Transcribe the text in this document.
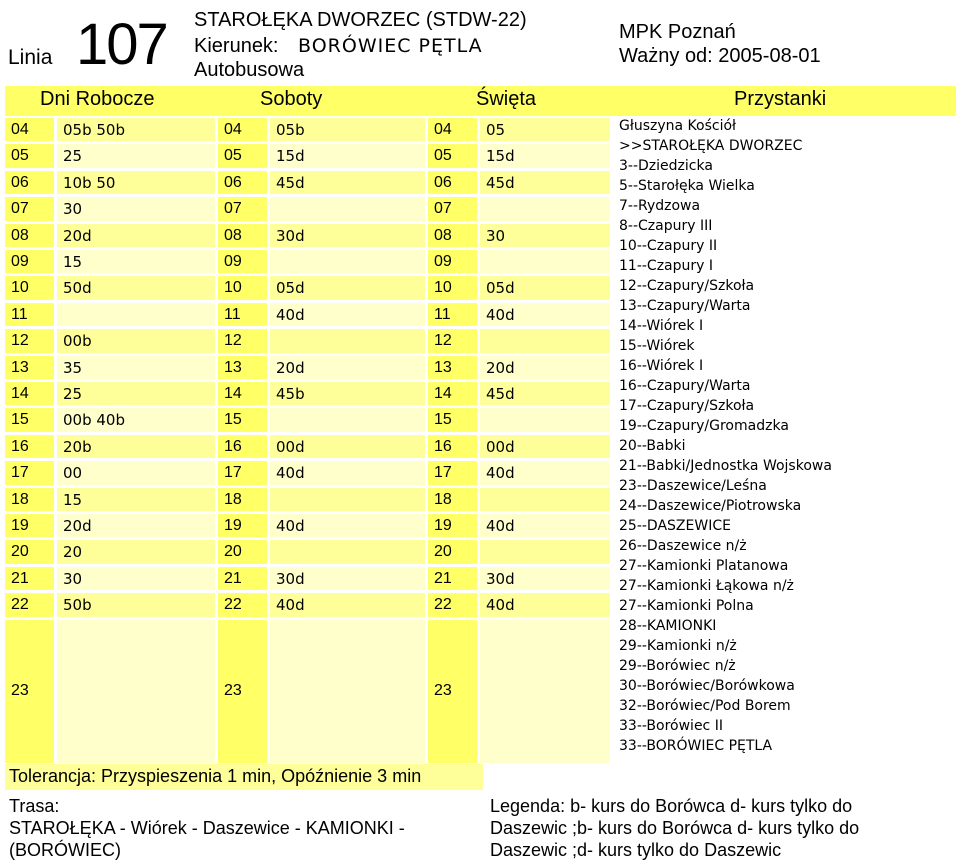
Linia 107 STAROŁĘKA DWORZEC (STDW-22)
Kierunek: BORÓWIEC PĘTLA
Autobusowa
MPK Poznań
Ważny od: 2005-08-01
Dni Robocze	Soboty	Święta	Przystanki
04 05b 50b	04 05b	04 05
05 25	05 15d	05 15d
06 10b 50	06 45d	06 45d
07 30	07	07
08 20d	08 30d	08 30
09 15	09	09
10 50d	10 05d	10 05d
11	11 40d	11 40d
12 00b	12	12
13 35	13 20d	13 20d
14 25	14 45b	14 45d
15 00b 40b	15	15
16 20b	16 00d	16 00d
17 00	17 40d	17 40d
18 15	18	18
19 20d	19 40d	19 40d
20 20	20	20
21 30	21 30d	21 30d
22 50b	22 40d	22 40d
23	23	23
Głuszyna Kościół
>>STAROŁĘKA DWORZEC
3--Dziedzicka
5--Starołęka Wielka
7--Rydzowa
8--Czapury III
10--Czapury II
11--Czapury I
12--Czapury/Szkoła
13--Czapury/Warta
14--Wiórek I
15--Wiórek
16--Wiórek I
16--Czapury/Warta
17--Czapury/Szkoła
19--Czapury/Gromadzka
20--Babki
21--Babki/Jednostka Wojskowa
23--Daszewice/Leśna
24--Daszewice/Piotrowska
25--DASZEWICE
26--Daszewice n/ż
27--Kamionki Platanowa
27--Kamionki Łąkowa n/ż
27--Kamionki Polna
28--KAMIONKI
29--Kamionki n/ż
29--Borówiec n/ż
30--Borówiec/Borówkowa
32--Borówiec/Pod Borem
33--Borówiec II
33--BORÓWIEC PĘTLA
Tolerancja: Przyspieszenia 1 min, Opóźnienie 3 min
Trasa:
STAROŁĘKA - Wiórek - Daszewice - KAMIONKI - (BORÓWIEC)
Legenda: b- kurs do Borówca d- kurs tylko do Daszewic ;b- kurs do Borówca d- kurs tylko do Daszewic ;d- kurs tylko do Daszewic
